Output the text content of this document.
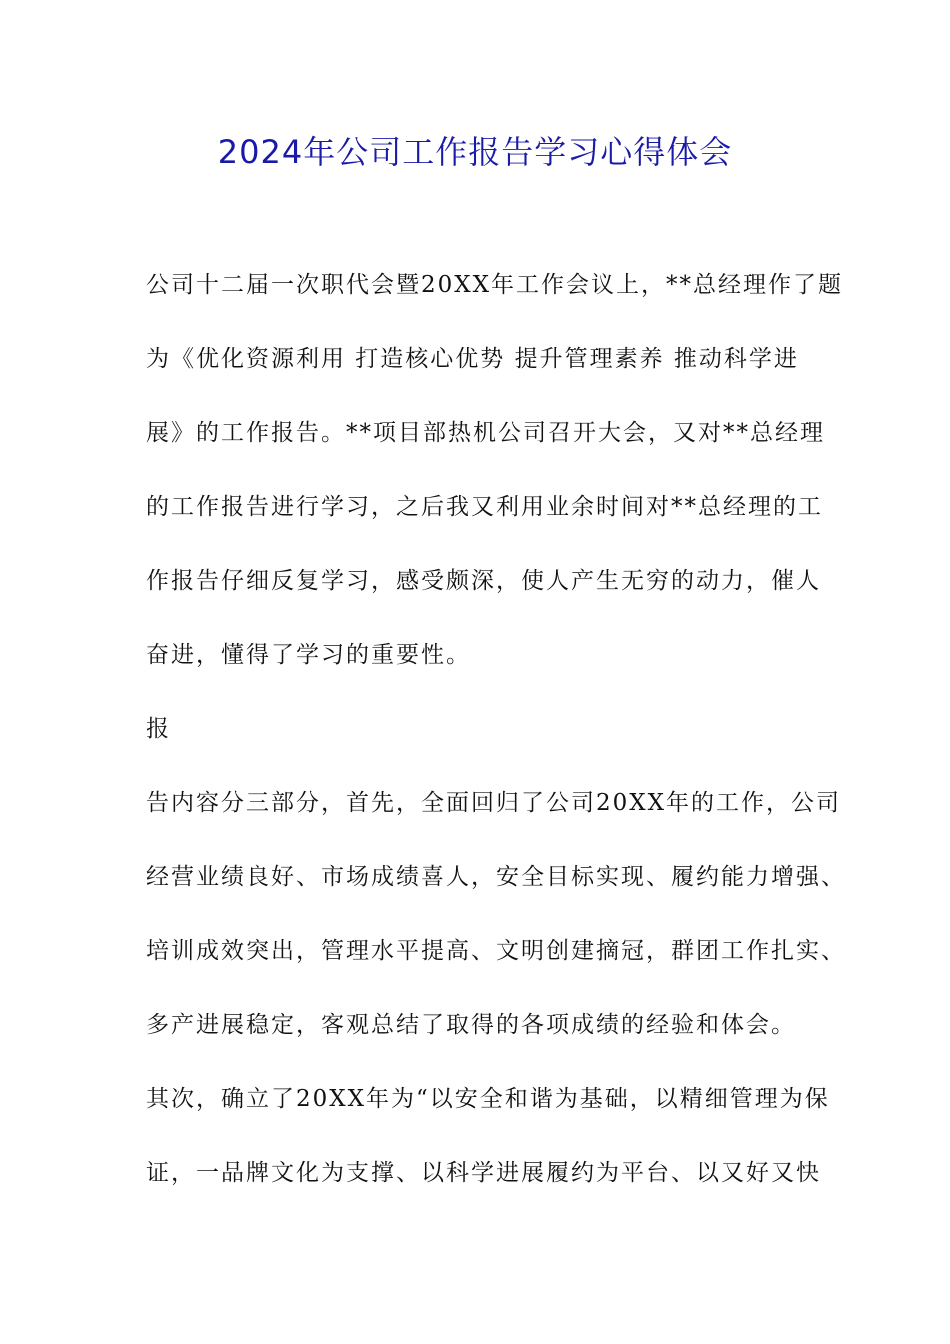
2024年公司工作报告学习心得体会
公司十二届一次职代会暨20XX年工作会议上，**总经理作了题
为《优化资源利用 打造核心优势 提升管理素养 推动科学进
展》的工作报告。**项目部热机公司召开大会，又对**总经理
的工作报告进行学习，之后我又利用业余时间对**总经理的工
作报告仔细反复学习，感受颇深，使人产生无穷的动力，催人
奋进，懂得了学习的重要性。
报
告内容分三部分，首先，全面回归了公司20XX年的工作，公司
经营业绩良好、市场成绩喜人，安全目标实现、履约能力增强、
培训成效突出，管理水平提高、文明创建摘冠，群团工作扎实、
多产进展稳定，客观总结了取得的各项成绩的经验和体会。
其次，确立了20XX年为“以安全和谐为基础，以精细管理为保
证，一品牌文化为支撑、以科学进展履约为平台、以又好又快
